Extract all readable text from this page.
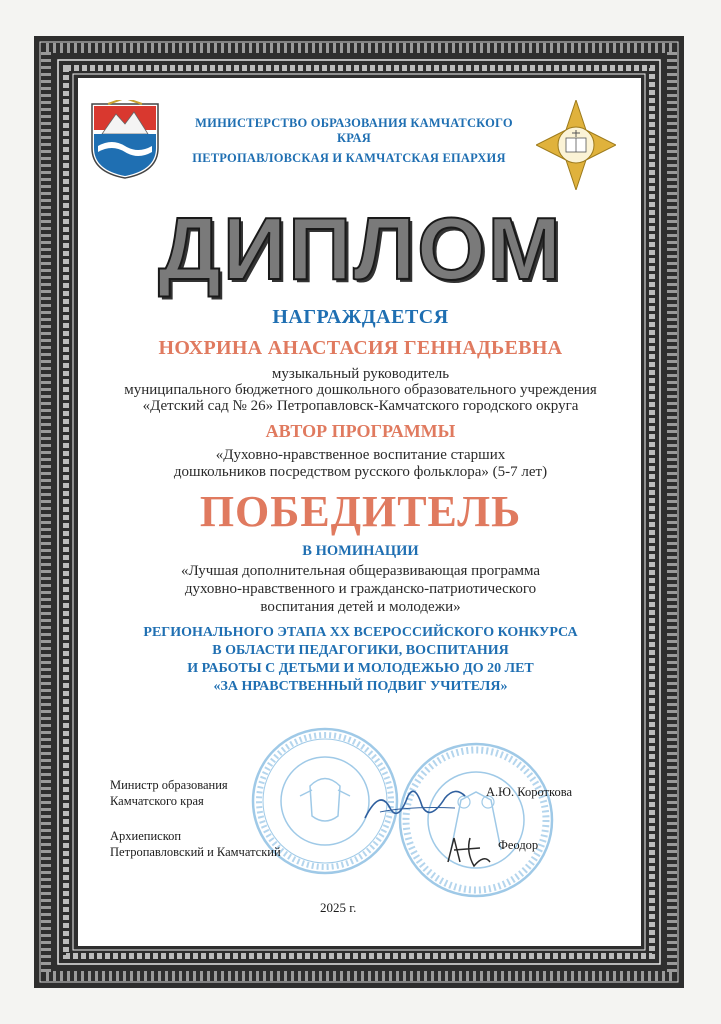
МИНИСТЕРСТВО ОБРАЗОВАНИЯ КАМЧАТСКОГО КРАЯ
ПЕТРОПАВЛОВСКАЯ И КАМЧАТСКАЯ ЕПАРХИЯ
ДИПЛОМ
НАГРАЖДАЕТСЯ
НОХРИНА АНАСТАСИЯ ГЕННАДЬЕВНА
музыкальный руководитель
муниципального бюджетного дошкольного образовательного учреждения
«Детский сад № 26» Петропавловск-Камчатского городского округа
АВТОР ПРОГРАММЫ
«Духовно-нравственное воспитание старших
дошкольников посредством русского фольклора» (5-7 лет)
ПОБЕДИТЕЛЬ
В НОМИНАЦИИ
«Лучшая дополнительная общеразвивающая программа
духовно-нравственного и гражданско-патриотического
воспитания детей и молодежи»
РЕГИОНАЛЬНОГО ЭТАПА XX ВСЕРОССИЙСКОГО КОНКУРСА
В ОБЛАСТИ ПЕДАГОГИКИ, ВОСПИТАНИЯ
И РАБОТЫ С ДЕТЬМИ И МОЛОДЕЖЬЮ ДО 20 ЛЕТ
«ЗА НРАВСТВЕННЫЙ ПОДВИГ УЧИТЕЛЯ»
Министр образования
Камчатского края
А.Ю. Короткова
Архиепископ
Петропавловский и Камчатский	Феодор
2025 г.
